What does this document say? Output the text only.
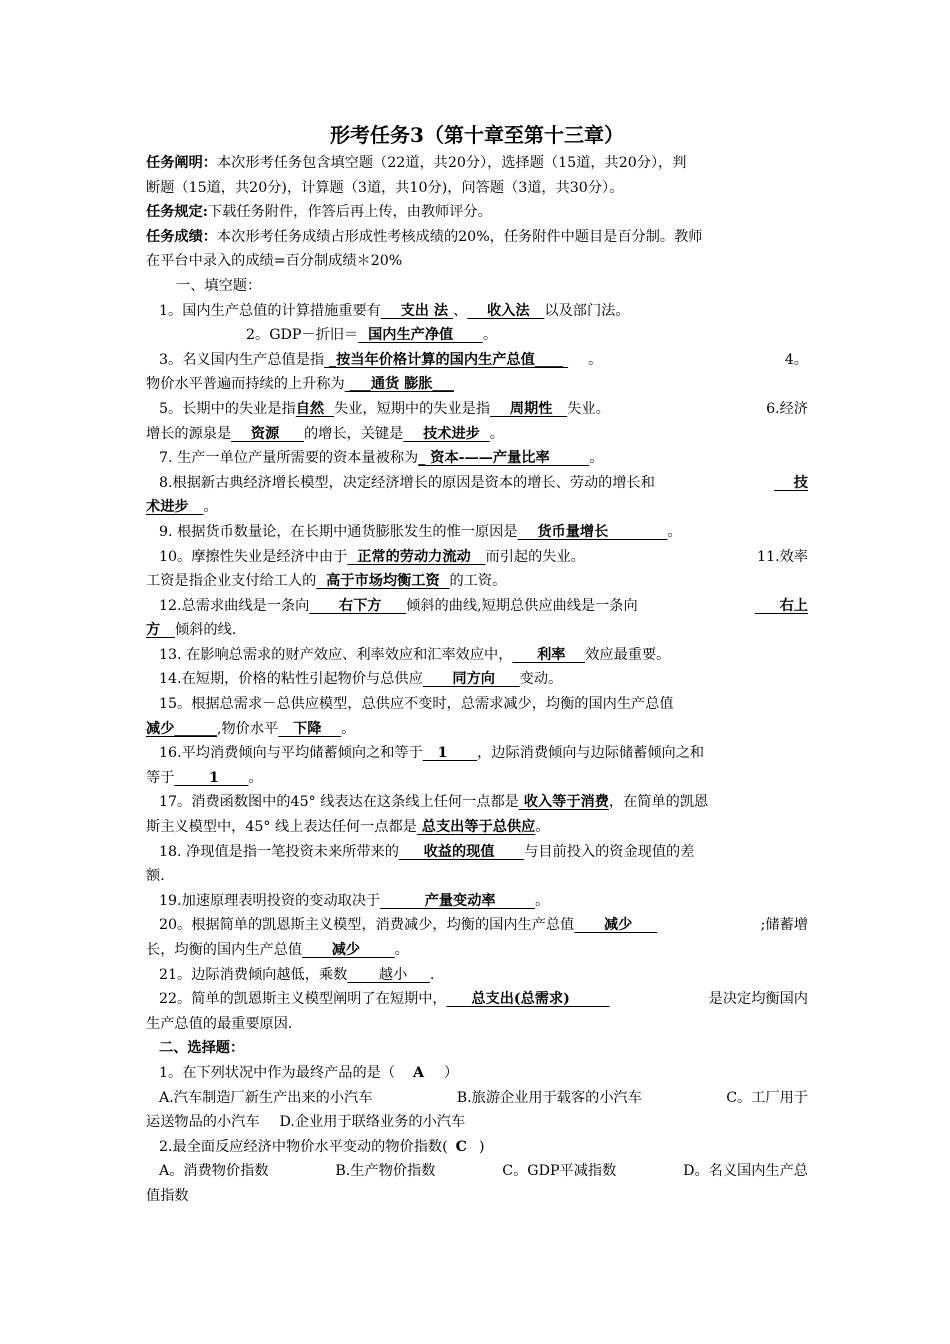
形考任务3（第十章至第十三章）

任务阐明：本次形考任务包含填空题（22道，共20分），选择题（15道，共20分），判
断题（15道，共20分)，计算题（3道，共10分)，问答题（3道，共30分）。

任务规定:下载任务附件，作答后再上传，由教师评分。

任务成绩：本次形考任务成绩占形成性考核成绩的20%，任务附件中题目是百分制。教师
在平台中录入的成绩=百分制成绩＊20%

一、填空题：

1。国内生产总值的计算措施重要有    支出 法 、    收入法   以及部门法。

2。GDP－折旧＝  国内生产净值      。

3。名义国内生产总值是指 _按当年价格计算的国内生产总值____ 。	4。

物价水平普遍而持续的上升称为 ___通货 膨胀___

5。长期中的失业是指自然  失业，短期中的失业是指    周期性   失业。	6.经济

增长的源泉是    资源     的增长，关键是    技术进步  。

7. 生产一单位产量所需要的资本量被称为_ 资本-——产量比率        。

8.根据新古典经济增长模型，决定经济增长的原因是资本的增长、劳动的增长和	技

术进步   。

9. 根据货币数量论，在长期中通货膨胀发生的惟一原因是    货币量增长            。

10。摩擦性失业是经济中由于  正常的劳动力流动   而引起的失业。	11.效率

工资是指企业支付给工人的  高于市场均衡工资  的工资。

12.总需求曲线是一条向      右下方     倾斜的曲线,短期总供应曲线是一条向	右上

方   倾斜的线.

13. 在影响总需求的财产效应、利率效应和汇率效应中，     利率    效应最重要。

14.在短期，价格的粘性引起物价与总供应      同方向     变动。

15。根据总需求－总供应模型，总供应不变时，总需求减少，均衡的国内生产总值

减少______,物价水平   下降    。

16.平均消费倾向与平均储蓄倾向之和等于   1      ，边际消费倾向与边际储蓄倾向之和

等于       1      。

17。消费函数图中的45° 线表达在这条线上任何一点都是 收入等于消费，在简单的凯恩

斯主义模型中，45° 线上表达任何一点都是 总支出等于总供应。

18. 净现值是指一笔投资未来所带来的     收益的现值      与目前投入的资金现值的差

额.

19.加速原理表明投资的变动取决于         产量变动率        。

20。根据简单的凯恩斯主义模型，消费减少，均衡的国内生产总值      减少	;储蓄增

长，均衡的国内生产总值      减少       。

21。边际消费倾向越低，乘数       越小     .

22。简单的凯恩斯主义模型阐明了在短期中，     总支出(总需求)	是决定均衡国内

生产总值的最重要原因.

二、选择题：

1。在下列状况中作为最终产品的是（ A ）

A.汽车制造厂新生产出来的小汽车	B.旅游企业用于载客的小汽车	C。工厂用于

运送物品的小汽车 D.企业用于联络业务的小汽车

2.最全面反应经济中物价水平变动的物价指数( C )

A。消费物价指数	B.生产物价指数	C。GDP平减指数	D。名义国内生产总

值指数
